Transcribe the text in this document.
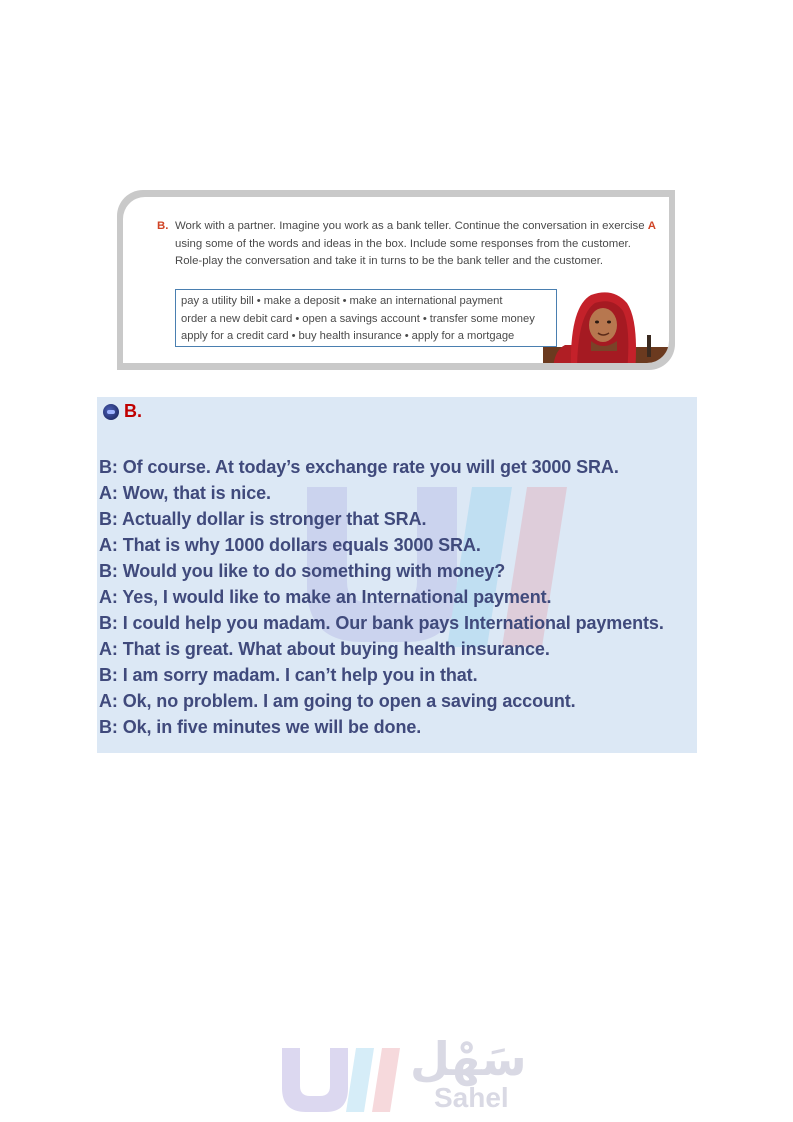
B. Work with a partner. Imagine you work as a bank teller. Continue the conversation in exercise A
using some of the words and ideas in the box. Include some responses from the customer.
Role-play the conversation and take it in turns to be the bank teller and the customer.
pay a utility bill • make a deposit • make an international payment
order a new debit card • open a savings account • transfer some money
apply for a credit card • buy health insurance • apply for a mortgage
B.
B: Of course. At today’s exchange rate you will get 3000 SRA.
A: Wow, that is nice.
B: Actually dollar is stronger that SRA.
A: That is why 1000 dollars equals 3000 SRA.
B: Would you like to do something with money?
A: Yes, I would like to make an International payment.
B: I could help you madam. Our bank pays International payments.
A: That is great. What about buying health insurance.
B: I am sorry madam. I can’t help you in that.
A: Ok, no problem. I am going to open a saving account.
B: Ok, in five minutes we will be done.
سَهْل
Sahel
